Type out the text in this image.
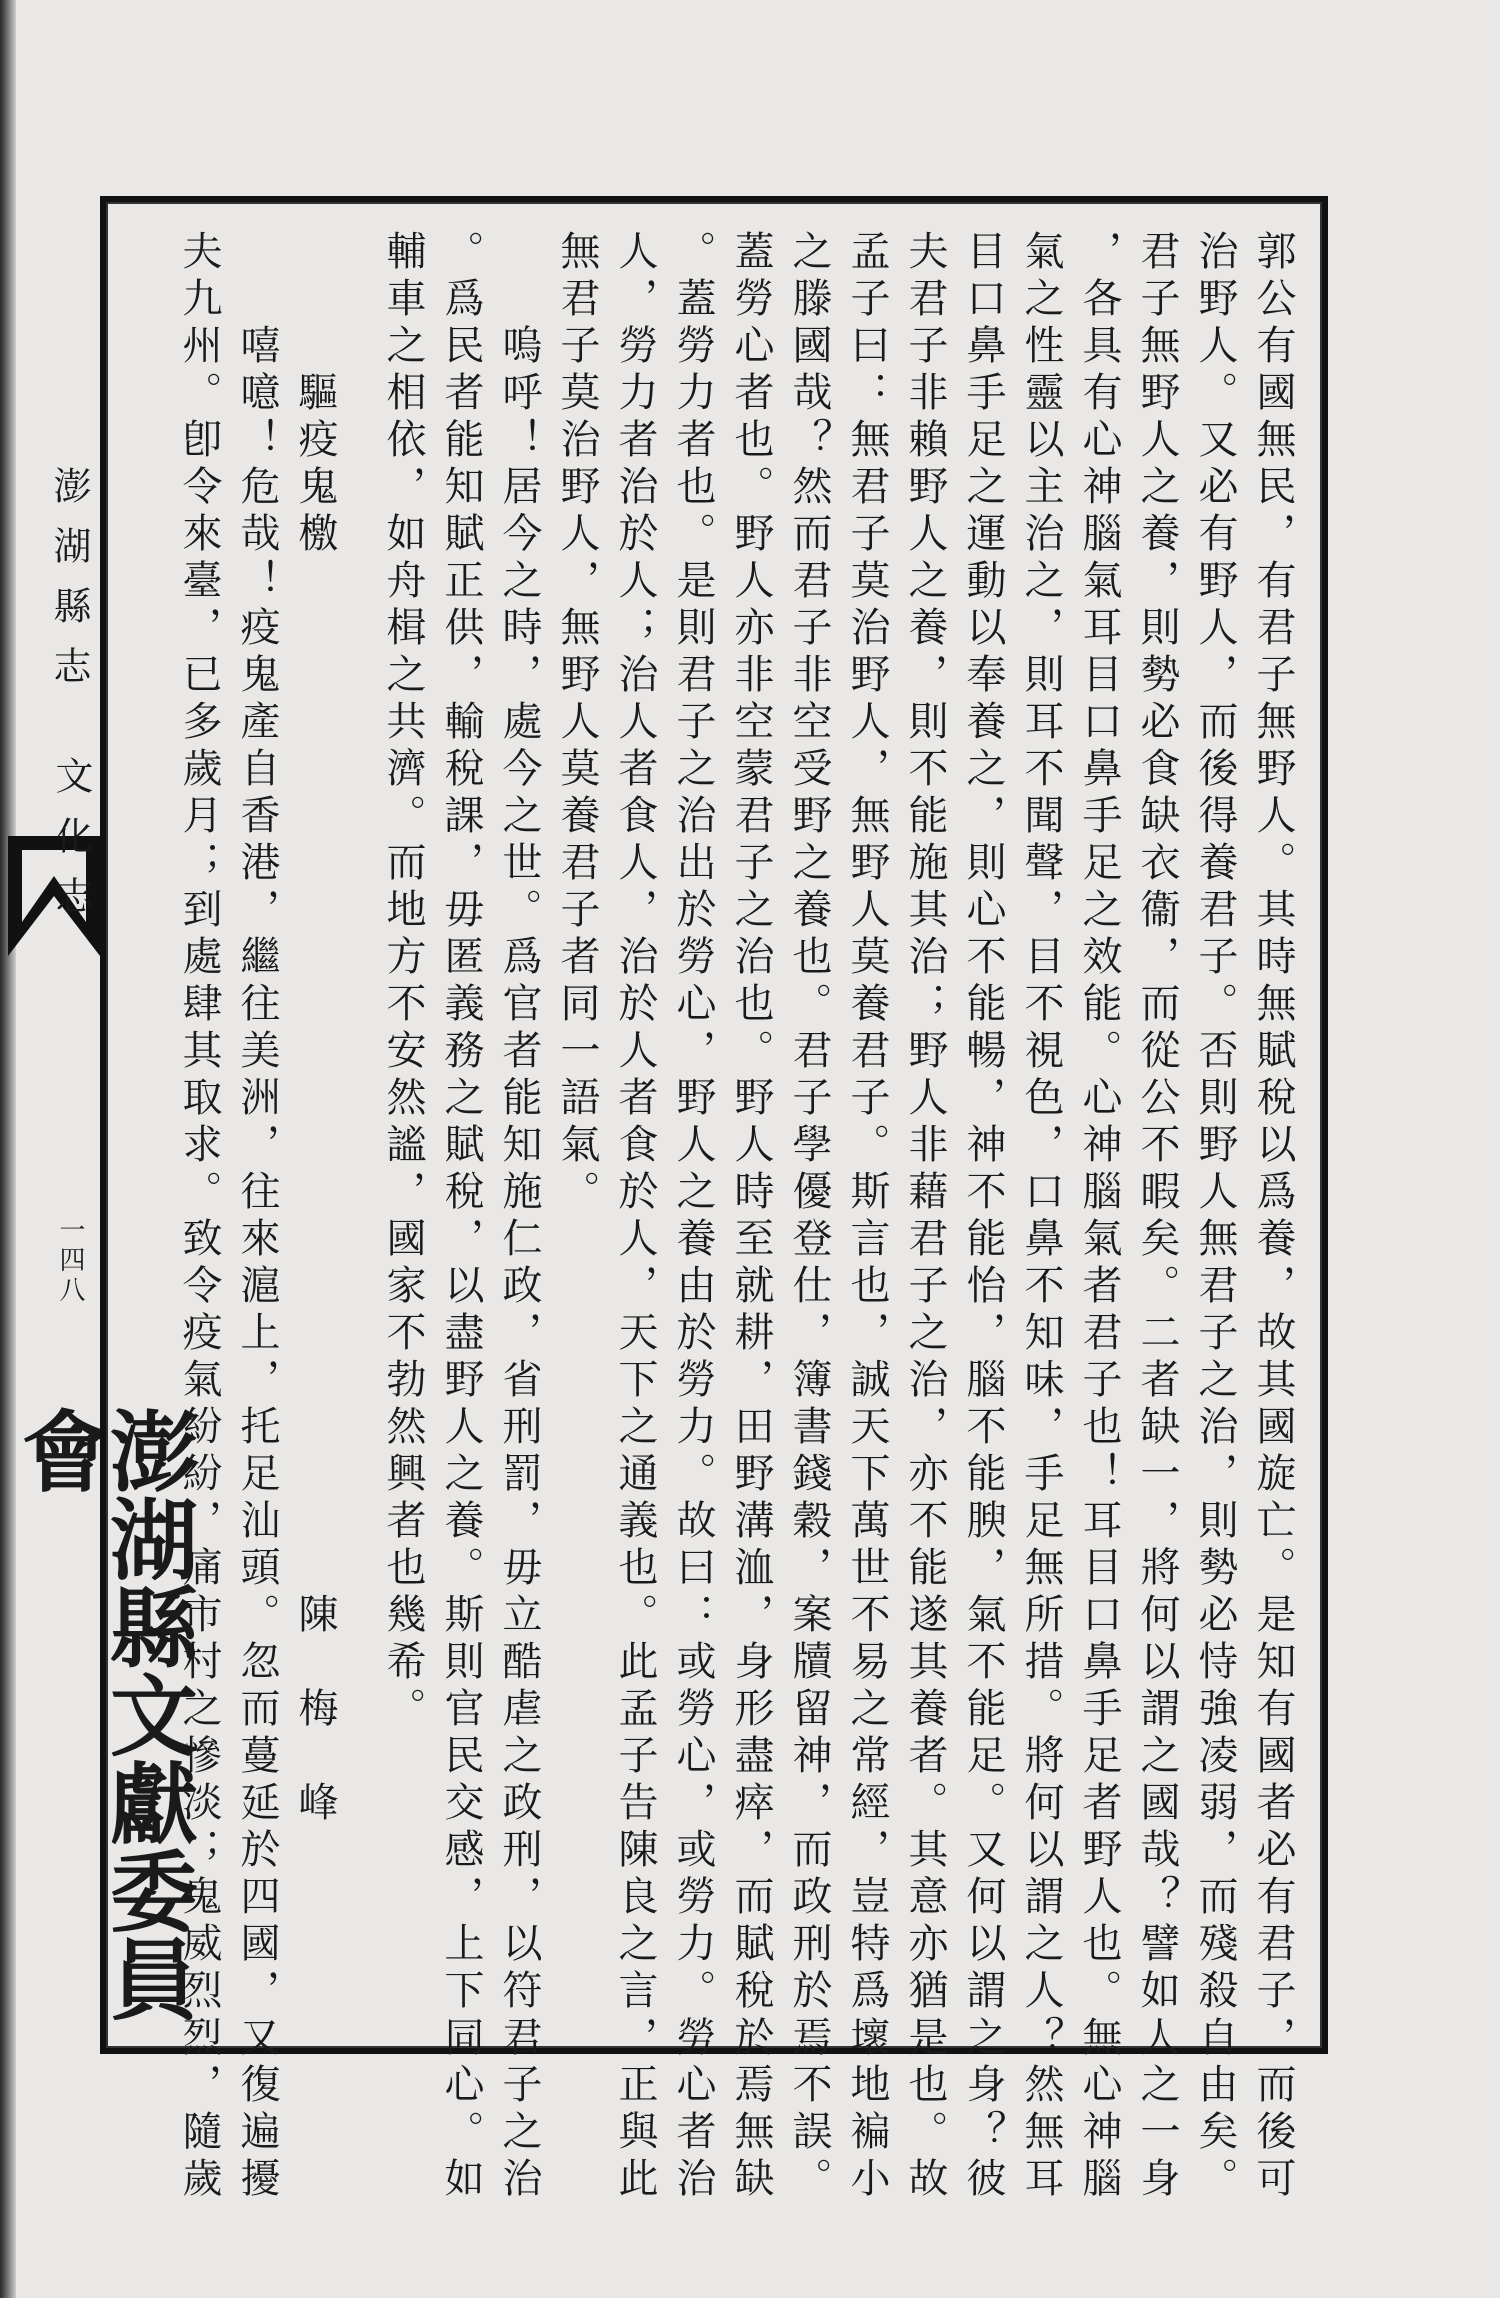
澎湖縣志
文化志
一四八
澎湖縣文獻委員會	郭公有國無民，有君子無野人。其時無賦稅以爲養，故其國旋亡。是知有國者必有君子，而後可
治野人。又必有野人，而後得養君子。否則野人無君子之治，則勢必恃強凌弱，而殘殺自由矣。
君子無野人之養，則勢必食缺衣衞，而從公不暇矣。二者缺一，將何以謂之國哉？譬如人之一身
，各具有心神腦氣耳目口鼻手足之效能。心神腦氣者君子也！耳目口鼻手足者野人也。無心神腦
氣之性靈以主治之，則耳不聞聲，目不視色，口鼻不知味，手足無所措。將何以謂之人？然無耳
目口鼻手足之運動以奉養之，則心不能暢，神不能怡，腦不能腴，氣不能足。又何以謂之身？彼
夫君子非賴野人之養，則不能施其治；野人非藉君子之治，亦不能遂其養者。其意亦猶是也。故
孟子曰：無君子莫治野人，無野人莫養君子。斯言也，誠天下萬世不易之常經，豈特爲壞地褊小
之滕國哉？然而君子非空受野之養也。君子學優登仕，簿書錢穀，案牘留神，而政刑於焉不誤。
蓋勞心者也。野人亦非空蒙君子之治也。野人時至就耕，田野溝洫，身形盡瘁，而賦稅於焉無缺
。蓋勞力者也。是則君子之治出於勞心，野人之養由於勞力。故曰：或勞心，或勞力。勞心者治
人，勞力者治於人；治人者食人，治於人者食於人，天下之通義也。此孟子告陳良之言，正與此
無君子莫治野人，無野人莫養君子者同一語氣。
　　嗚呼！居今之時，處今之世。爲官者能知施仁政，省刑罰，毋立酷虐之政刑，以符君子之治
。爲民者能知賦正供，輸稅課，毋匿義務之賦稅，以盡野人之養。斯則官民交感，上下同心。如
輔車之相依，如舟楫之共濟。而地方不安然謐，國家不勃然興者也幾希。
　　　驅疫鬼檄　　　　　　　　　　　　　　　　　　　　　　陳　梅　峰
　　嘻噫！危哉！疫鬼產自香港，繼往美洲，往來滬上，托足汕頭。忽而蔓延於四國，又復遍擾
夫九州。卽令來臺，已多歲月；到處肆其取求。致令疫氣紛紛，痛市村之慘淡；鬼威烈烈，隨歲
